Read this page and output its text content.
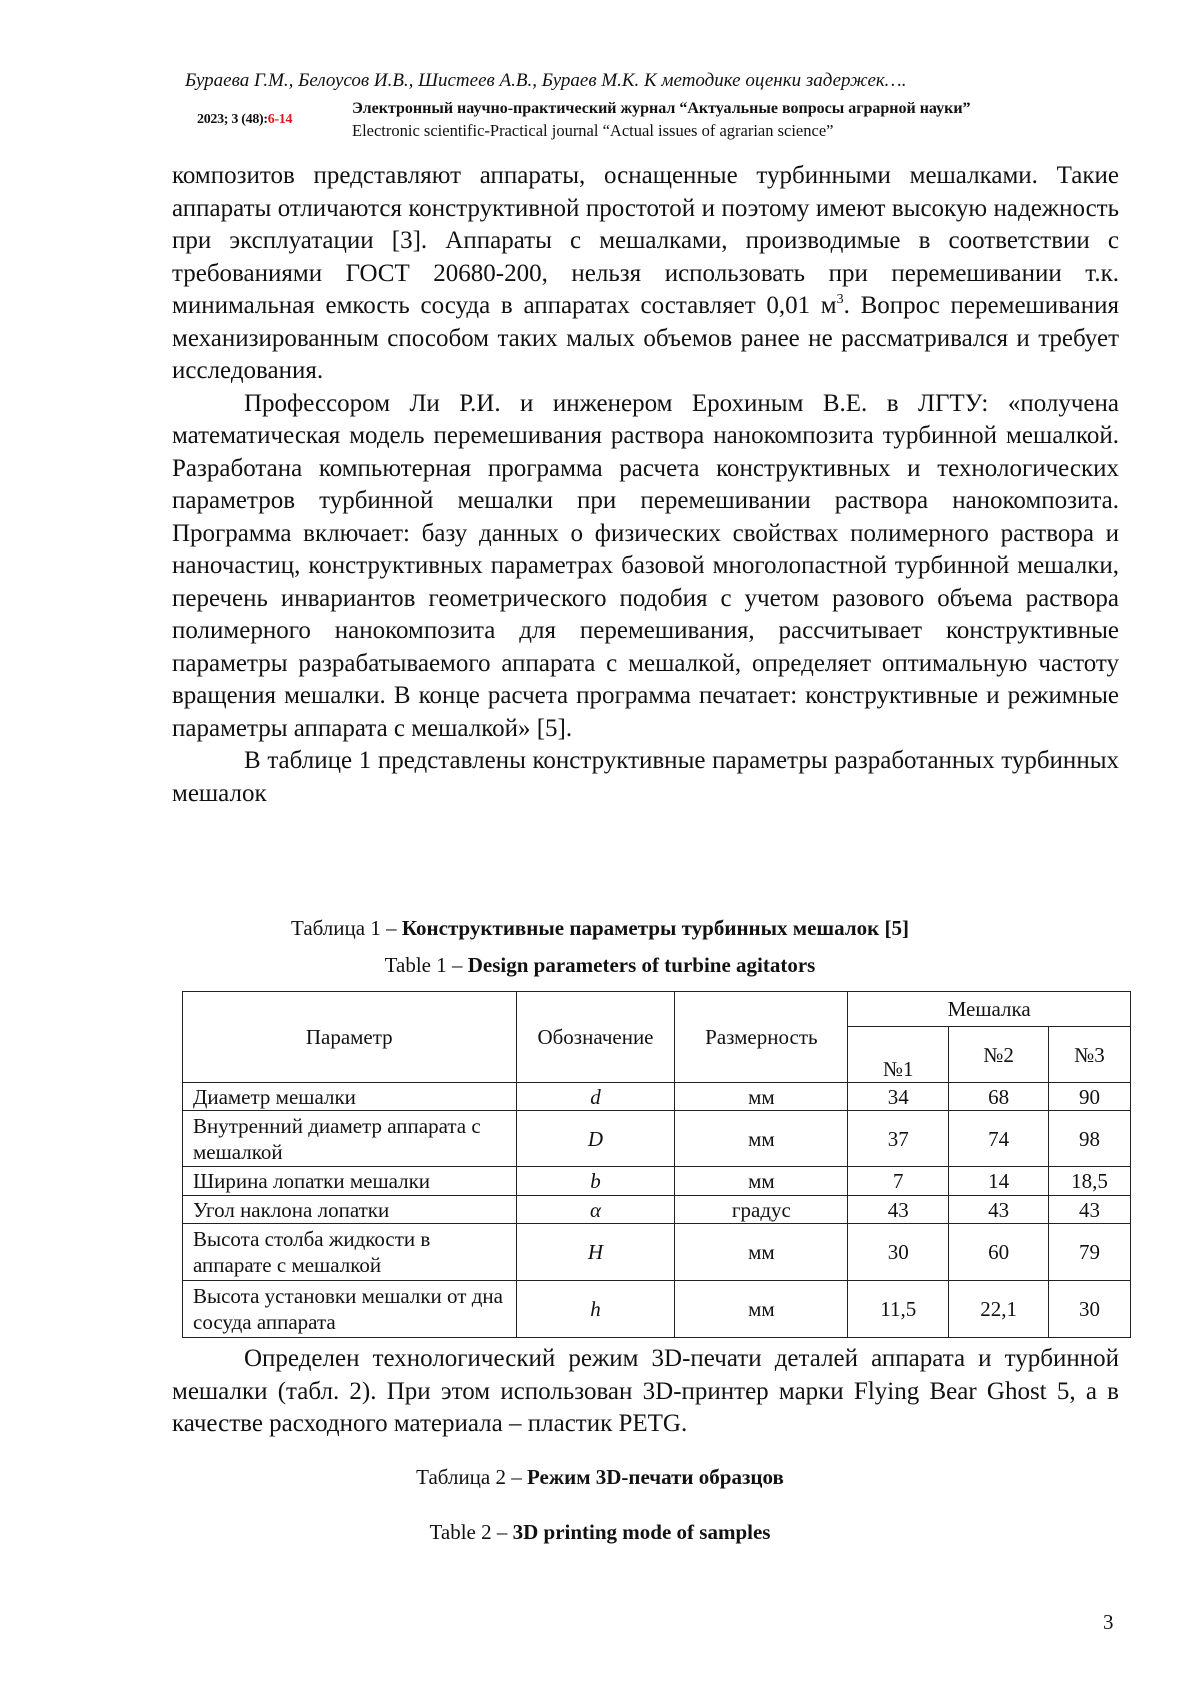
Бураева Г.М., Белоусов И.В., Шистеев А.В., Бураев М.К. К методике оценки задержек….
2023; 3 (48):6-14
Электронный научно-практический журнал “Актуальные вопросы аграрной науки”
Electronic scientific-Practical journal “Actual issues of agrarian science”

композитов представляют аппараты, оснащенные турбинными мешалками. Такие аппараты отличаются конструктивной простотой и поэтому имеют высокую надежность при эксплуатации [3]. Аппараты с мешалками, производимые в соответствии с требованиями ГОСТ 20680-200, нельзя использовать при перемешивании т.к. минимальная емкость сосуда в аппаратах составляет 0,01 $м^3$. Вопрос перемешивания механизированным способом таких малых объемов ранее не рассматривался и требует исследования.

Профессором Ли Р.И. и инженером Ерохиным В.Е. в ЛГТУ: «получена математическая модель перемешивания раствора нанокомпозита турбинной мешалкой. Разработана компьютерная программа расчета конструктивных и технологических параметров турбинной мешалки при перемешивании раствора нанокомпозита. Программа включает: базу данных о физических свойствах полимерного раствора и наночастиц, конструктивных параметрах базовой многолопастной турбинной мешалки, перечень инвариантов геометрического подобия с учетом разового объема раствора полимерного нанокомпозита для перемешивания, рассчитывает конструктивные параметры разрабатываемого аппарата с мешалкой, определяет оптимальную частоту вращения мешалки. В конце расчета программа печатает: конструктивные и режимные параметры аппарата с мешалкой» [5].

В таблице 1 представлены конструктивные параметры разработанных турбинных мешалок

Таблица 1 – Конструктивные параметры турбинных мешалок [5]
Table 1 – Design parameters of turbine agitators
Параметр	Обозначение	Размерность	Мешалка		
			№1	№2	№3
Диаметр мешалки	d	мм	34	68	90
Внутренний диаметр аппарата с мешалкой	D	мм	37	74	98
Ширина лопатки мешалки	b	мм	7	14	18,5
Угол наклона лопатки	α	градус	43	43	43
Высота столба жидкости в аппарате с мешалкой	H	мм	30	60	79
Высота установки мешалки от дна сосуда аппарата	h	мм	11,5	22,1	30

Определен технологический режим 3D-печати деталей аппарата и турбинной мешалки (табл. 2). При этом использован 3D-принтер марки Flying Bear Ghost 5, а в качестве расходного материала – пластик PETG.

Таблица 2 – Режим 3D-печати образцов
Table 2 – 3D printing mode of samples
3
